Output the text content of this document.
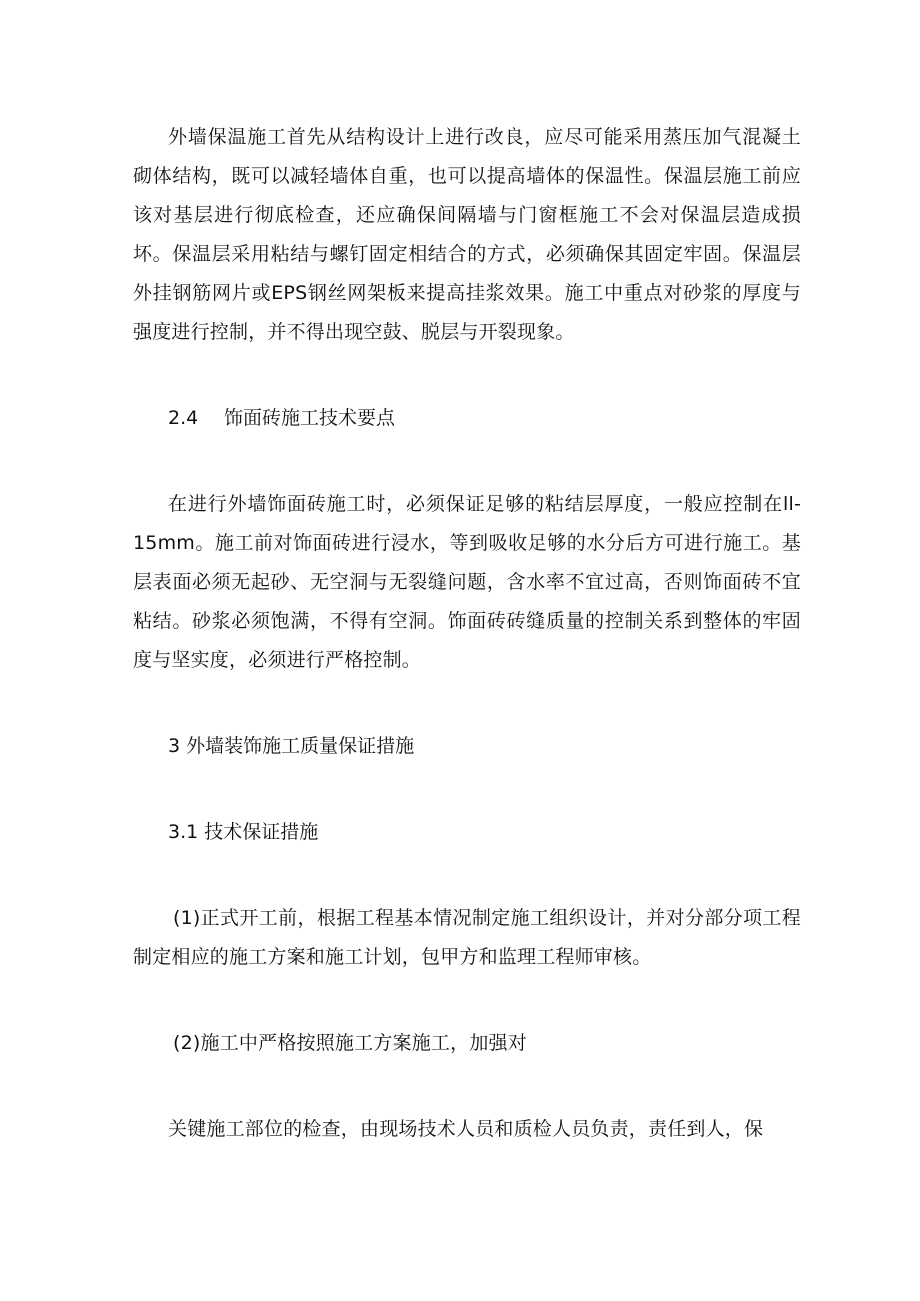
外墙保温施工首先从结构设计上进行改良，应尽可能采用蒸压加气混凝土砌体结构，既可以减轻墙体自重，也可以提高墙体的保温性。保温层施工前应该对基层进行彻底检查，还应确保间隔墙与门窗框施工不会对保温层造成损坏。保温层采用粘结与螺钉固定相结合的方式，必须确保其固定牢固。保温层外挂钢筋网片或EPS钢丝网架板来提高挂浆效果。施工中重点对砂浆的厚度与强度进行控制，并不得出现空鼓、脱层与开裂现象。

2.4 饰面砖施工技术要点

在进行外墙饰面砖施工时，必须保证足够的粘结层厚度，一般应控制在ll-15mm。施工前对饰面砖进行浸水，等到吸收足够的水分后方可进行施工。基层表面必须无起砂、无空洞与无裂缝问题，含水率不宜过高，否则饰面砖不宜粘结。砂浆必须饱满，不得有空洞。饰面砖砖缝质量的控制关系到整体的牢固度与坚实度，必须进行严格控制。

3 外墙装饰施工质量保证措施

3.1 技术保证措施

(1)正式开工前，根据工程基本情况制定施工组织设计，并对分部分项工程制定相应的施工方案和施工计划，包甲方和监理工程师审核。

(2)施工中严格按照施工方案施工，加强对

关键施工部位的检查，由现场技术人员和质检人员负责，责任到人，保
